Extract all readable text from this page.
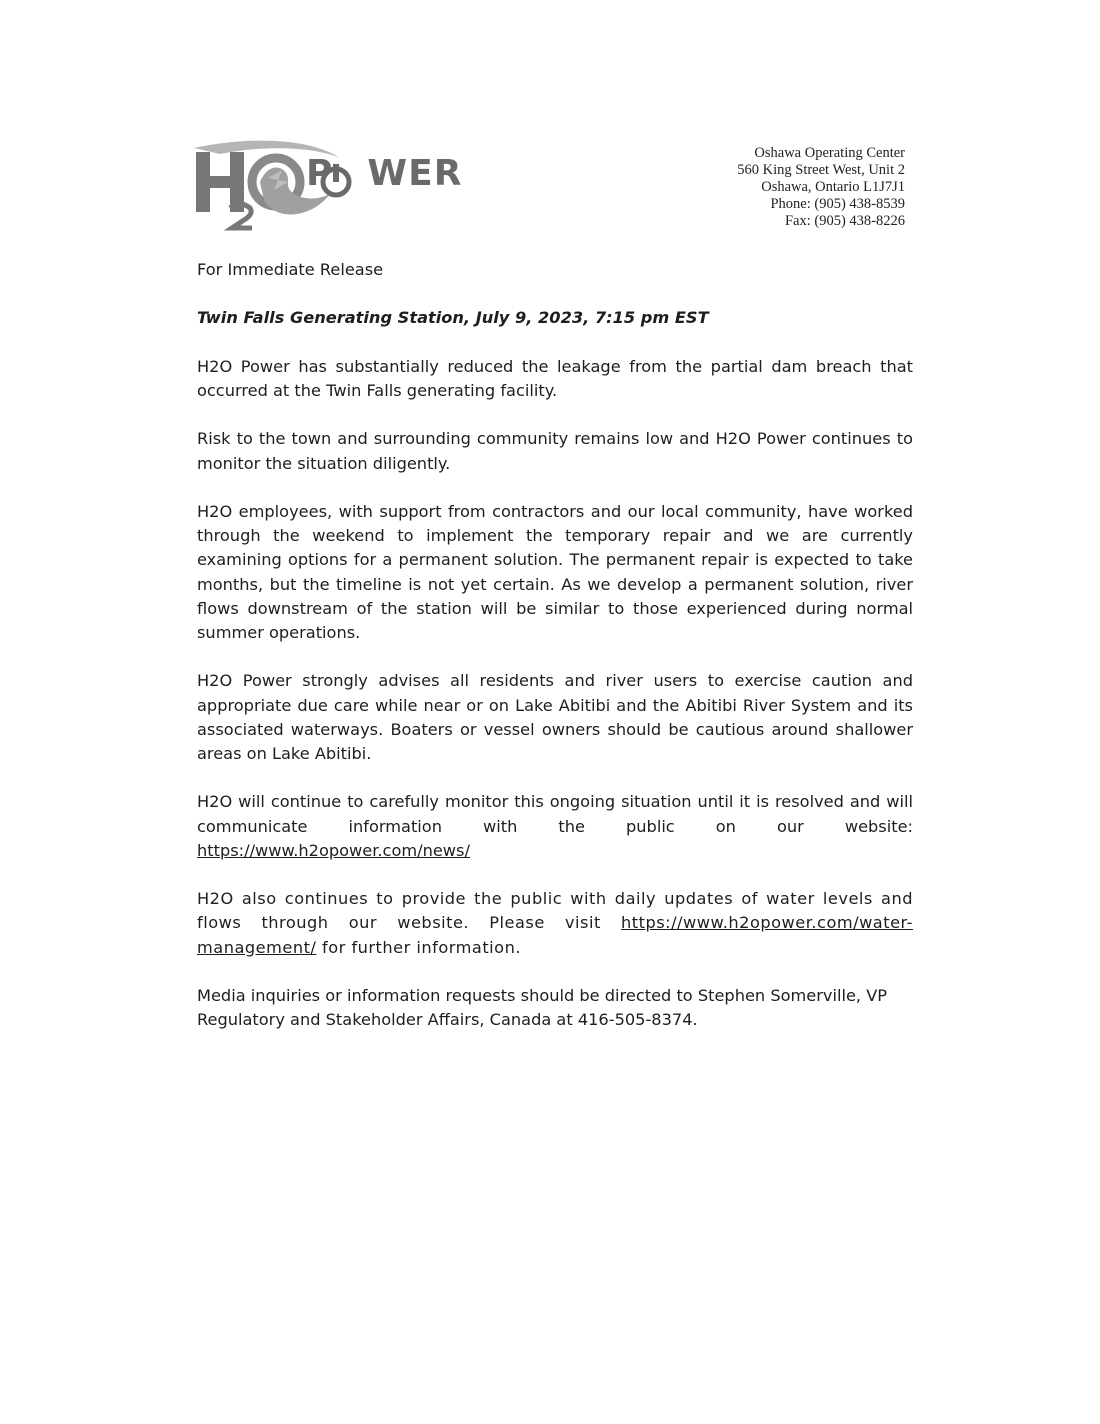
P WER	Oshawa Operating Center
560 King Street West, Unit 2
Oshawa, Ontario L1J7J1
Phone: (905) 438-8539
Fax: (905) 438-8226

For Immediate Release

Twin Falls Generating Station, July 9, 2023, 7:15 pm EST

H2O Power has substantially reduced the leakage from the partial dam breach that occurred at the Twin Falls generating facility.

Risk to the town and surrounding community remains low and H2O Power continues to monitor the situation diligently.

H2O employees, with support from contractors and our local community, have worked through the weekend to implement the temporary repair and we are currently examining options for a permanent solution. The permanent repair is expected to take months, but the timeline is not yet certain. As we develop a permanent solution, river flows downstream of the station will be similar to those experienced during normal summer operations.

H2O Power strongly advises all residents and river users to exercise caution and appropriate due care while near or on Lake Abitibi and the Abitibi River System and its associated waterways. Boaters or vessel owners should be cautious around shallower areas on Lake Abitibi.

H2O will continue to carefully monitor this ongoing situation until it is resolved and will communicate information with the public on our website:
https://www.h2opower.com/news/

H2O also continues to provide the public with daily updates of water levels and flows through our website. Please visit https://www.h2opower.com/water-management/ for further information.

Media inquiries or information requests should be directed to Stephen Somerville, VP Regulatory and Stakeholder Affairs, Canada at 416-505-8374.
